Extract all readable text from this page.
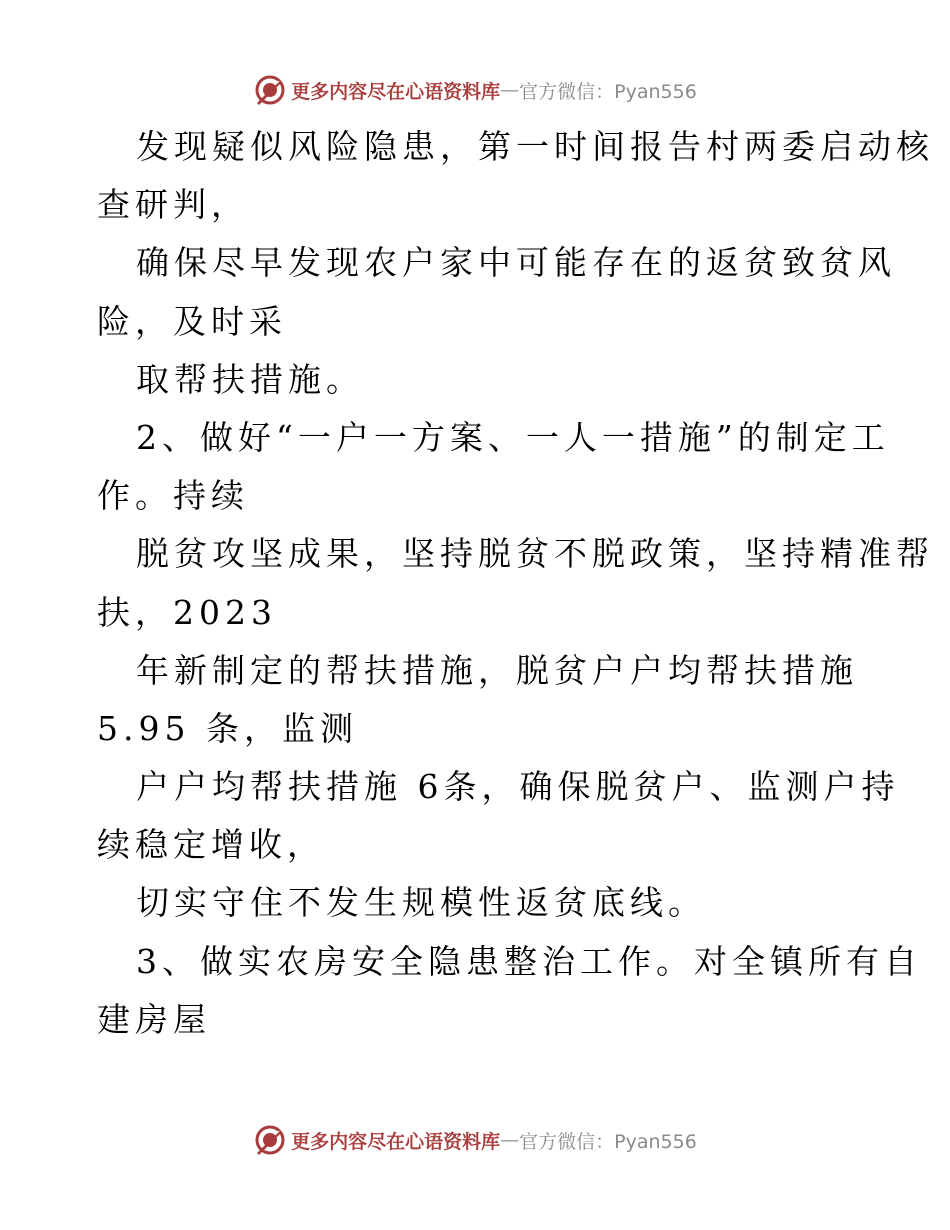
更多内容尽在心语资料库 — 官方微信：Pyan556
发现疑似风险隐患，第一时间报告村两委启动核
查研判，
确保尽早发现农户家中可能存在的返贫致贫风
险，及时采
取帮扶措施。
2、做好“一户一方案、一人一措施”的制定工
作。持续
脱贫攻坚成果，坚持脱贫不脱政策，坚持精准帮
扶，2023
年新制定的帮扶措施，脱贫户户均帮扶措施
5.95 条，监测
户户均帮扶措施 6条，确保脱贫户、监测户持
续稳定增收，
切实守住不发生规模性返贫底线。
3、做实农房安全隐患整治工作。对全镇所有自
建房屋
更多内容尽在心语资料库 — 官方微信：Pyan556
